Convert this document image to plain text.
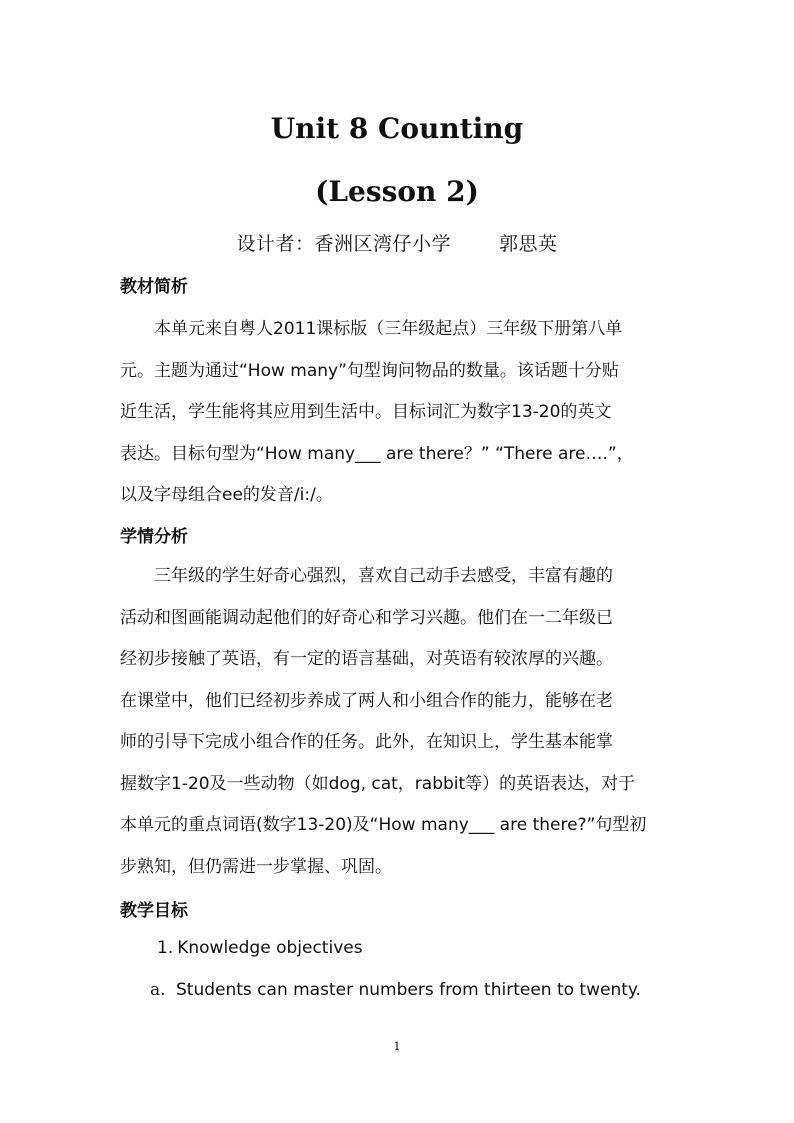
Unit 8 Counting
(Lesson 2)
设计者：香洲区湾仔小学	郭思英
教材简析

本单元来自粤人2011课标版（三年级起点）三年级下册第八单
元。主题为通过“How many”句型询问物品的数量。该话题十分贴
近生活，学生能将其应用到生活中。目标词汇为数字13-20的英文
表达。目标句型为“How many___ are there？” “There are….”，
以及字母组合ee的发音/i:/。

学情分析

三年级的学生好奇心强烈，喜欢自己动手去感受，丰富有趣的
活动和图画能调动起他们的好奇心和学习兴趣。他们在一二年级已
经初步接触了英语，有一定的语言基础，对英语有较浓厚的兴趣。
在课堂中，他们已经初步养成了两人和小组合作的能力，能够在老
师的引导下完成小组合作的任务。此外，在知识上，学生基本能掌
握数字1-20及一些动物（如dog, cat，rabbit等）的英语表达，对于
本单元的重点词语(数字13-20)及“How many___ are there?”句型初
步熟知，但仍需进一步掌握、巩固。

教学目标
1. Knowledge objectives
a. Students can master numbers from thirteen to twenty.
1
